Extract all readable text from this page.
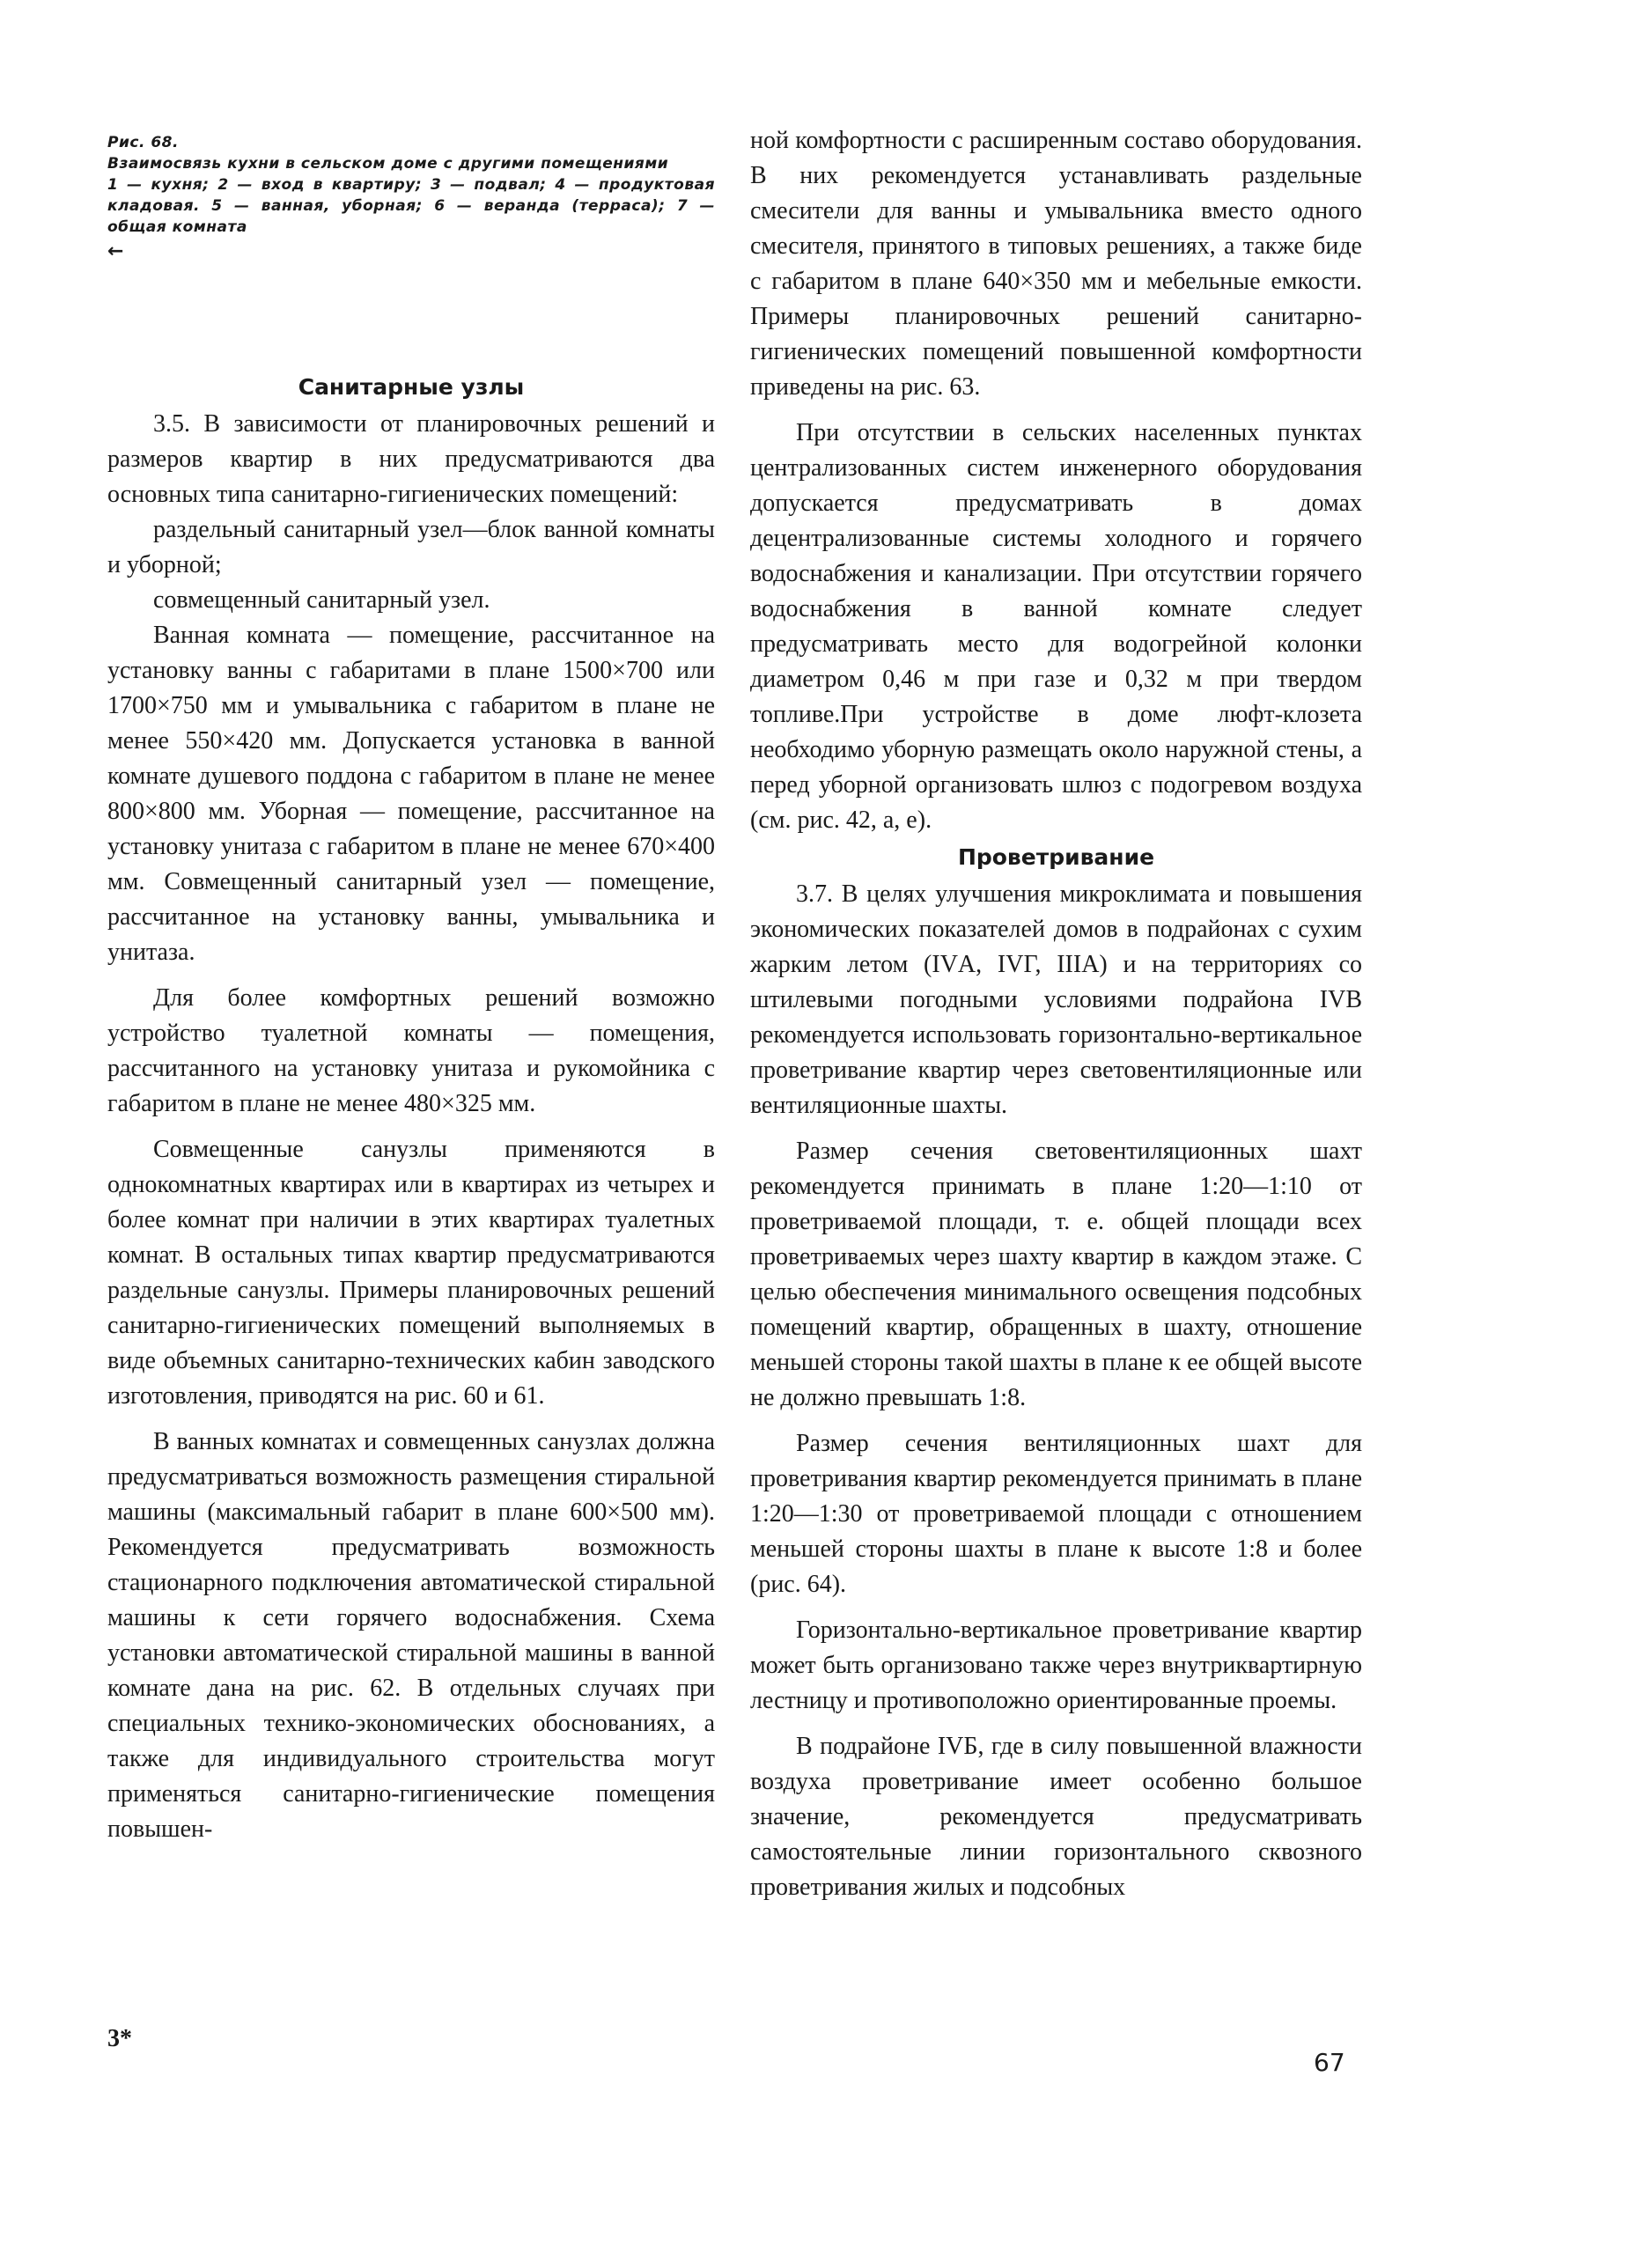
Рис. 68.
Взаимосвязь кухни в сельском доме с другими помещениями
1 — кухня; 2 — вход в квартиру; 3 — подвал; 4 — продуктовая кладовая. 5 — ванная, уборная; 6 — веранда (терраса); 7 — общая комната
←
Санитарные узлы

3.5. В зависимости от планировочных решений и размеров квартир в них предусматриваются два основных типа санитарно-гигиенических помещений:

раздельный санитарный узел—блок ванной комнаты и уборной;

совмещенный санитарный узел.

Ванная комната — помещение, рассчитанное на установку ванны с габаритами в плане 1500×700 или 1700×750 мм и умывальника с габаритом в плане не менее 550×420 мм. Допускается установка в ванной комнате душевого поддона с габаритом в плане не менее 800×800 мм. Уборная — помещение, рассчитанное на установку унитаза с габаритом в плане не менее 670×400 мм. Совмещенный санитарный узел — помещение, рассчитанное на установку ванны, умывальника и унитаза.

Для более комфортных решений возможно устройство туалетной комнаты — помещения, рассчитанного на установку унитаза и рукомойника с габаритом в плане не менее 480×325 мм.

Совмещенные санузлы применяются в однокомнатных квартирах или в квартирах из четырех и более комнат при наличии в этих квартирах туалетных комнат. В остальных типах квартир предусматриваются раздельные санузлы. Примеры планировочных решений санитарно-гигиенических помещений выполняемых в виде объемных санитарно-технических кабин заводского изготовления, приводятся на рис. 60 и 61.

В ванных комнатах и совмещенных санузлах должна предусматриваться возможность размещения стиральной машины (максимальный габарит в плане 600×500 мм). Рекомендуется предусматривать возможность стационарного подключения автоматической стиральной машины к сети горячего водоснабжения. Схема установки автоматической стиральной машины в ванной комнате дана на рис. 62. В отдельных случаях при специальных технико-экономических обоснованиях, а также для индивидуального строительства могут применяться санитарно-гигиенические помещения повышен-

ной комфортности с расширенным составо оборудования. В них рекомендуется устанавливать раздельные смесители для ванны и умывальника вместо одного смесителя, принятого в типовых решениях, а также биде с габаритом в плане 640×350 мм и мебельные емкости. Примеры планировочных решений санитарно-гигиенических помещений повышенной комфортности приведены на рис. 63.

При отсутствии в сельских населенных пунктах централизованных систем инженерного оборудования допускается предусматривать в домах децентрализованные системы холодного и горячего водоснабжения и канализации. При отсутствии горячего водоснабжения в ванной комнате следует предусматривать место для водогрейной колонки диаметром 0,46 м при газе и 0,32 м при твердом топливе.При устройстве в доме люфт-клозета необходимо уборную размещать около наружной стены, а перед уборной организовать шлюз с подогревом воздуха (см. рис. 42, а, е).

Проветривание

3.7. В целях улучшения микроклимата и повышения экономических показателей домов в подрайонах с сухим жарким летом (IVА, IVГ, IIIА) и на территориях со штилевыми погодными условиями подрайона IVВ рекомендуется использовать горизонтально-вертикальное проветривание квартир через световентиляционные или вентиляционные шахты.

Размер сечения световентиляционных шахт рекомендуется принимать в плане 1:20—1:10 от проветриваемой площади, т. е. общей площади всех проветриваемых через шахту квартир в каждом этаже. С целью обеспечения минимального освещения подсобных помещений квартир, обращенных в шахту, отношение меньшей стороны такой шахты в плане к ее общей высоте не должно превышать 1:8.

Размер сечения вентиляционных шахт для проветривания квартир рекомендуется принимать в плане 1:20—1:30 от проветриваемой площади с отношением меньшей стороны шахты в плане к высоте 1:8 и более (рис. 64).

Горизонтально-вертикальное проветривание квартир может быть организовано также через внутриквартирную лестницу и противоположно ориентированные проемы.

В подрайоне IVБ, где в силу повышенной влажности воздуха проветривание имеет особенно большое значение, рекомендуется предусматривать самостоятельные линии горизонтального сквозного проветривания жилых и подсобных

3*
67
